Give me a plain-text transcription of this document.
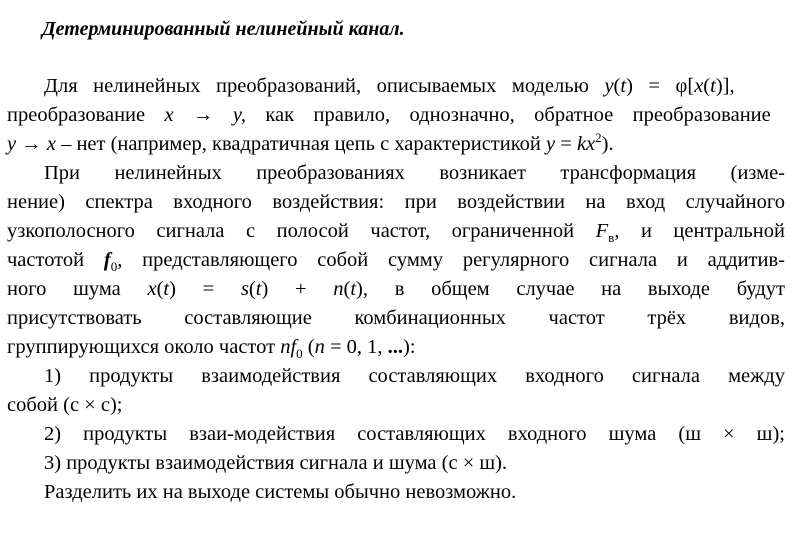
Детерминированный нелинейный канал.
Для нелинейных преобразований, описываемых моделью y(t) = φ[x(t)],
преобразование x → y, как правило, однозначно, обратное преобразование
y → x – нет (например, квадратичная цепь с характеристикой $y = kx^2$).
При нелинейных преобразованиях возникает трансформация (изме-
нение) спектра входного воздействия: при воздействии на вход случайного
узкополосного сигнала с полосой частот, ограниченной $F_в$, и центральной
частотой $f_0$, представляющего собой сумму регулярного сигнала и аддитив-
ного шума x(t) = s(t) + n(t), в общем случае на выходе будут
присутствовать составляющие комбинационных частот трёх видов,
группирующихся около частот $nf_0$ (n = 0, 1, ...):
1) продукты взаимодействия составляющих входного сигнала между
собой (с × с);
2) продукты взаи-модействия составляющих входного шума (ш × ш);
3) продукты взаимодействия сигнала и шума (с × ш).
Разделить их на выходе системы обычно невозможно.
